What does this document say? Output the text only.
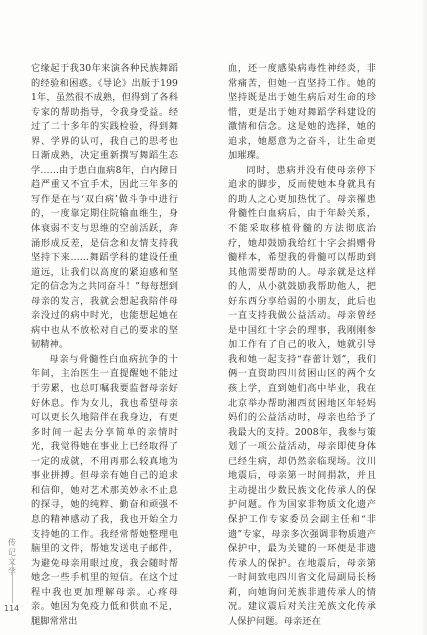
它缘起于我30年来演各种民族舞蹈的经验和困惑。《导论》出版于1991年，虽然很不成熟，但得到了各科专家的帮助指导，令我身受益。经过了二十多年的实践检验，得到舞界、学界的认可，我自己的思考也日渐成熟，决定重新撰写舞蹈生态学……由于患白血病8年，白内障日趋严重又不宜手术，因此三年多的写作是在与‘双白病’做斗争中进行的，一度靠定期住院输血维生，身体衰弱不支与思维的空前活跃，奔涌形成反差，是信念和友情支持我坚持下来……舞蹈学科的建设任重道远，让我们以高度的紧迫感和坚定的信念为之共同奋斗！”每每想到母亲的发言，我就会想起我陪伴母亲没过的病中时光，也能想起她在病中也从不放松对自己的要求的坚韧精神。

母亲与骨髓性白血病抗争的十年间，主治医生一直提醒她不能过于劳累，也总叮嘱我要监督母亲好好休息。作为女儿，我也希望母亲可以更长久地陪伴在我身边，有更多时间一起去分享简单的亲情时光，我觉得她在事业上已经取得了一定的成就，不用再那么较真地为事业拼搏。但母亲有她自己的追求和信仰，她对艺术那美妙永不止息的探寻，她的纯粹、勤奋和顽强不息的精神感动了我，我也开始全力支持她的工作。我经常帮她整理电脑里的文件，帮她发送电子邮件，为避免母亲用眼过度，我会随时帮她念一些手机里的短信。在这个过程中我也更加理解母亲。心疼母亲。她因为免疫力低和供血不足，腿脚常常出

血，还一度感染病毒性神经炎，非常痛苦，但她一直坚持工作。她的坚持既是出于她生病后对生命的珍惜，更是出于她对舞蹈学科建设的激情和信念。这是她的选择，她的追求，她愿意为之奋斗，让生命更加璀璨。

同时，患病并没有使母亲停下追求的脚步，反而使她本身就具有的助人之心更加热忱了。母亲罹患骨髓性白血病后，由于年龄关系，不能采取移植骨髓的方法彻底治疗，她却鼓励我给红十字会捐赠骨髓样本，希望我的骨髓可以帮助到其他需要帮助的人。母亲就是这样的人，从小就鼓励我帮助他人，把好东西分享给弱的小朋友，此后也一直支持我做公益活动。母亲曾经是中国红十字会的理事，我刚刚参加工作有了自己的收入，她就引导我和她一起支持“春蕾计划”，我们俩一直资助四川贫困山区的两个女孩上学，直到她们高中毕业，我在北京举办帮助湘西贫困地区年轻妈妈们的公益活动时，母亲也给予了我最大的支持。2008年，我参与策划了一项公益活动，母亲即使身体已经生病，却仍然亲临现场。汶川地震后，母亲第一时间捐款，并且主动提出少数民族文化传承人的保护问题。作为国家非物质文化遗产保护工作专家委员会副主任和“非遗”专家，母亲多次强调非物质遗产保护中，最为关键的一环便是非遗传承人的保护。在地震后，母亲第一时间致电四川省文化局副局长杨莉，向她询问羌族非遗传承人的情况。建议震后对关注羌族文化传承人保护问题。母亲还在

传记文学
114
